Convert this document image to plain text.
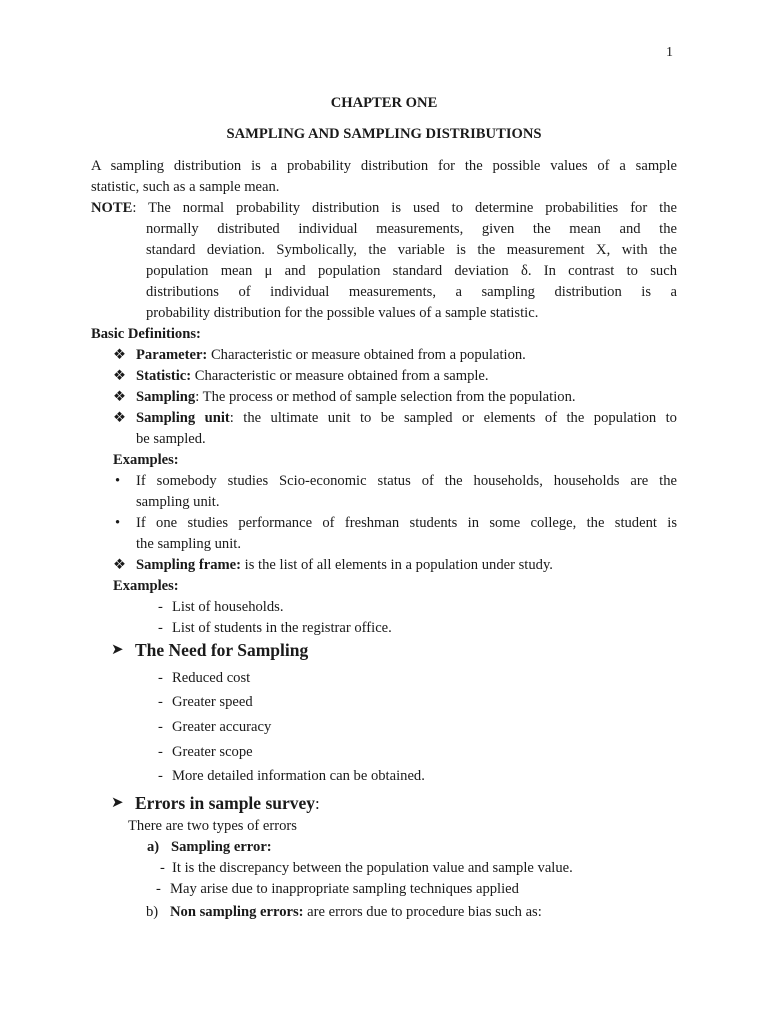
1
CHAPTER ONE
SAMPLING AND SAMPLING DISTRIBUTIONS
A sampling distribution is a probability distribution for the possible values of a sample
statistic, such as a sample mean.
NOTE: The normal probability distribution is used to determine probabilities for the
normally distributed individual measurements, given the mean and the
standard deviation. Symbolically, the variable is the measurement X, with the
population mean μ and population standard deviation δ. In contrast to such
distributions of individual measurements, a sampling distribution is a
probability distribution for the possible values of a sample statistic.
Basic Definitions:
❖ Parameter: Characteristic or measure obtained from a population.
❖ Statistic: Characteristic or measure obtained from a sample.
❖ Sampling: The process or method of sample selection from the population.
❖ Sampling unit: the ultimate unit to be sampled or elements of the population to
be sampled.
Examples:
• If somebody studies Scio-economic status of the households, households are the
sampling unit.
• If one studies performance of freshman students in some college, the student is
the sampling unit.
❖ Sampling frame: is the list of all elements in a population under study.
Examples:
- List of households.
- List of students in the registrar office.
➤ The Need for Sampling
- Reduced cost
- Greater speed
- Greater accuracy
- Greater scope
- More detailed information can be obtained.
➤ Errors in sample survey:
There are two types of errors
a) Sampling error:
- It is the discrepancy between the population value and sample value.
- May arise due to inappropriate sampling techniques applied
b) Non sampling errors: are errors due to procedure bias such as:
